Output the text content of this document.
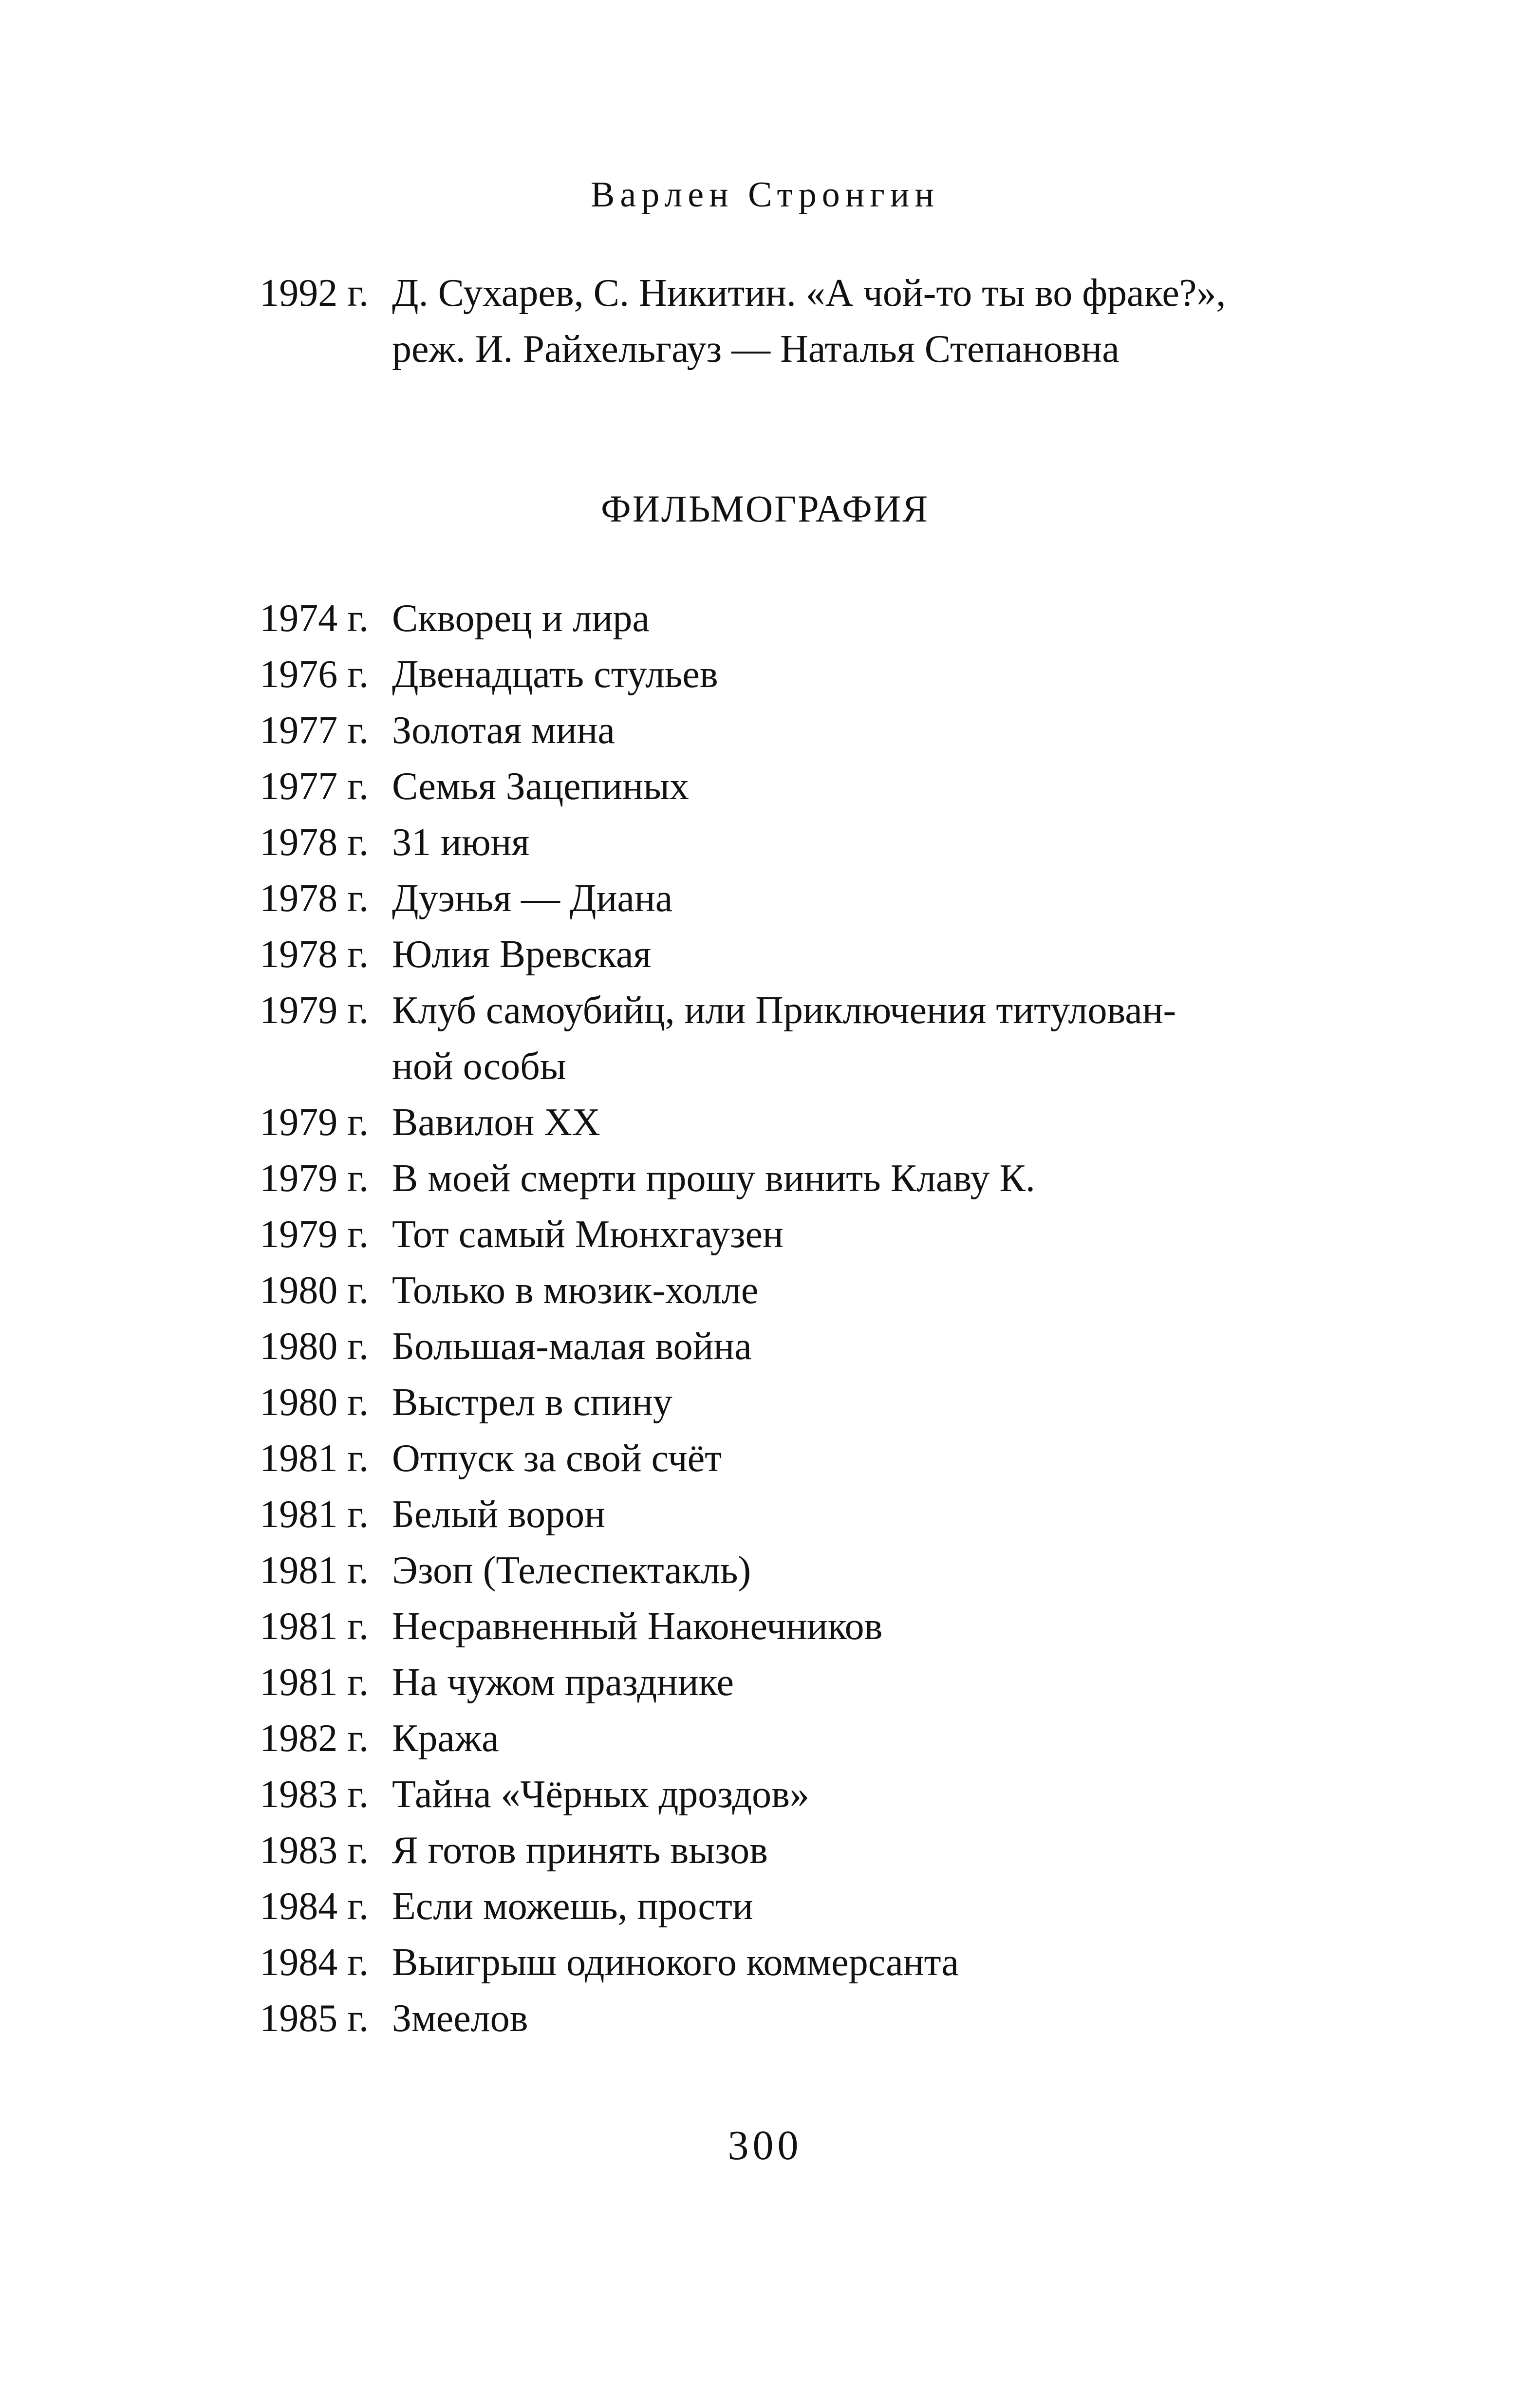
Варлен Стронгин
1992 г. Д. Сухарев, С. Никитин. «А чой-то ты во фраке?»,
реж. И. Райхельгауз — Наталья Степановна
ФИЛЬМОГРАФИЯ
1974 г. Скворец и лира
1976 г. Двенадцать стульев
1977 г. Золотая мина
1977 г. Семья Зацепиных
1978 г. 31 июня
1978 г. Дуэнья — Диана
1978 г. Юлия Вревская
1979 г. Клуб самоубийц, или Приключения титулован-
ной особы
1979 г. Вавилон XX
1979 г. В моей смерти прошу винить Клаву К.
1979 г. Тот самый Мюнхгаузен
1980 г. Только в мюзик-холле
1980 г. Большая-малая война
1980 г. Выстрел в спину
1981 г. Отпуск за свой счёт
1981 г. Белый ворон
1981 г. Эзоп (Телеспектакль)
1981 г. Несравненный Наконечников
1981 г. На чужом празднике
1982 г. Кража
1983 г. Тайна «Чёрных дроздов»
1983 г. Я готов принять вызов
1984 г. Если можешь, прости
1984 г. Выигрыш одинокого коммерсанта
1985 г. Змеелов
300
